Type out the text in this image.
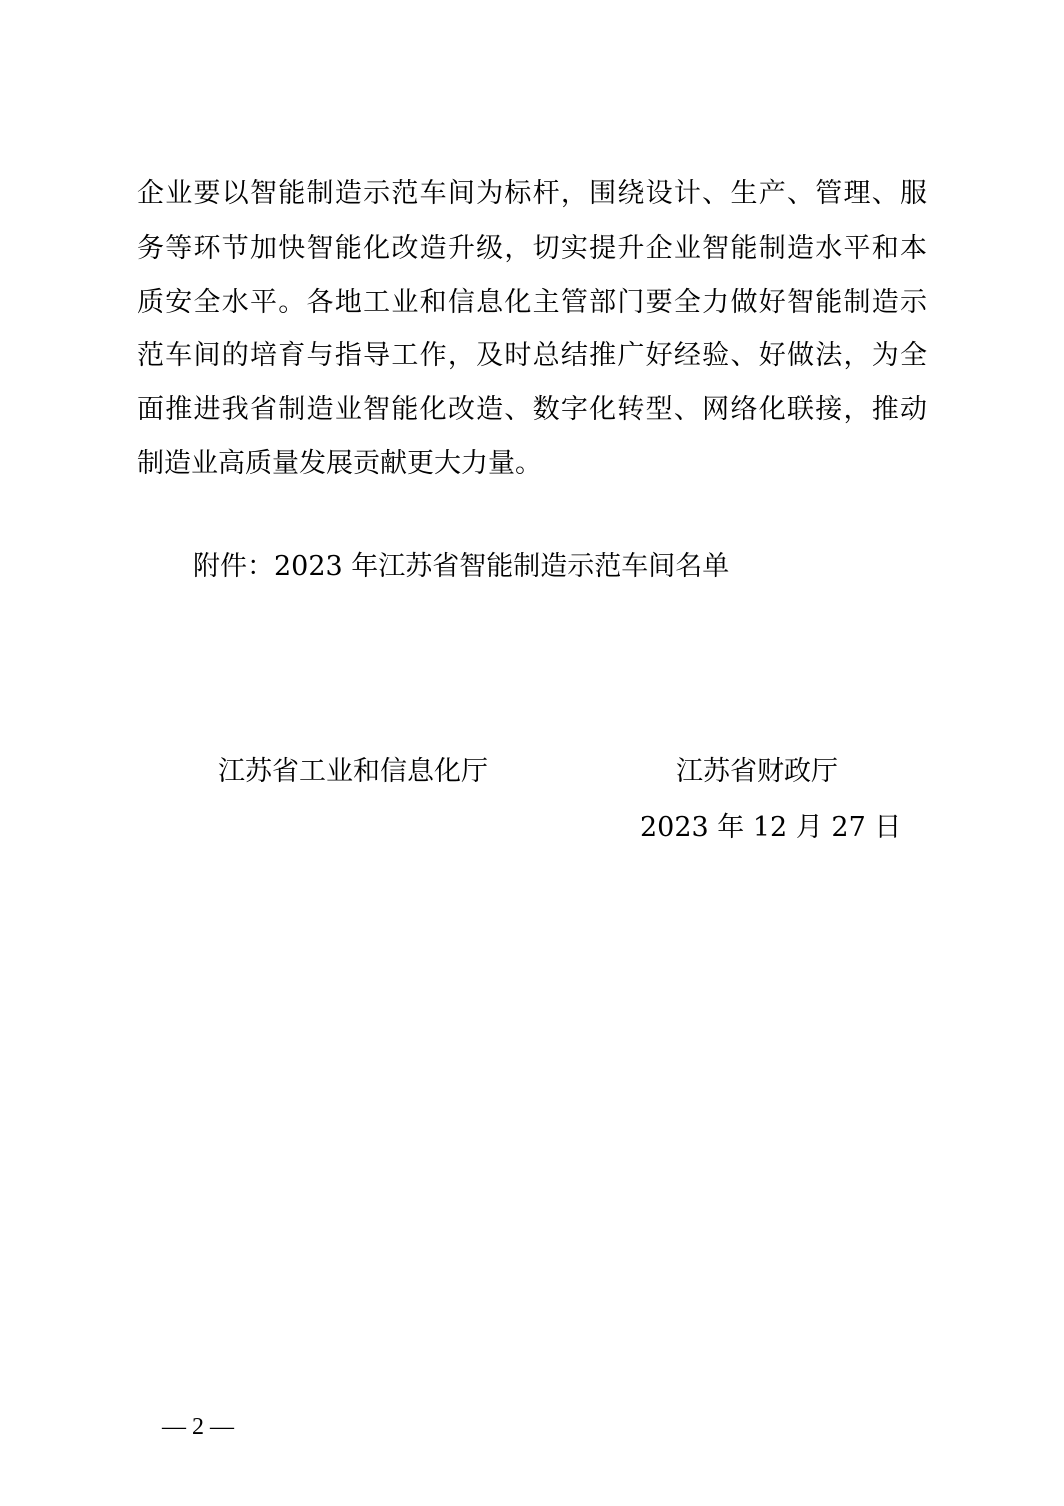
企业要以智能制造示范车间为标杆，围绕设计、生产、管理、服
务等环节加快智能化改造升级，切实提升企业智能制造水平和本
质安全水平。各地工业和信息化主管部门要全力做好智能制造示
范车间的培育与指导工作，及时总结推广好经验、好做法，为全
面推进我省制造业智能化改造、数字化转型、网络化联接，推动
制造业高质量发展贡献更大力量。
附件：2023 年江苏省智能制造示范车间名单
江苏省工业和信息化厅	江苏省财政厅
2023 年 12 月 27 日
— 2 —
